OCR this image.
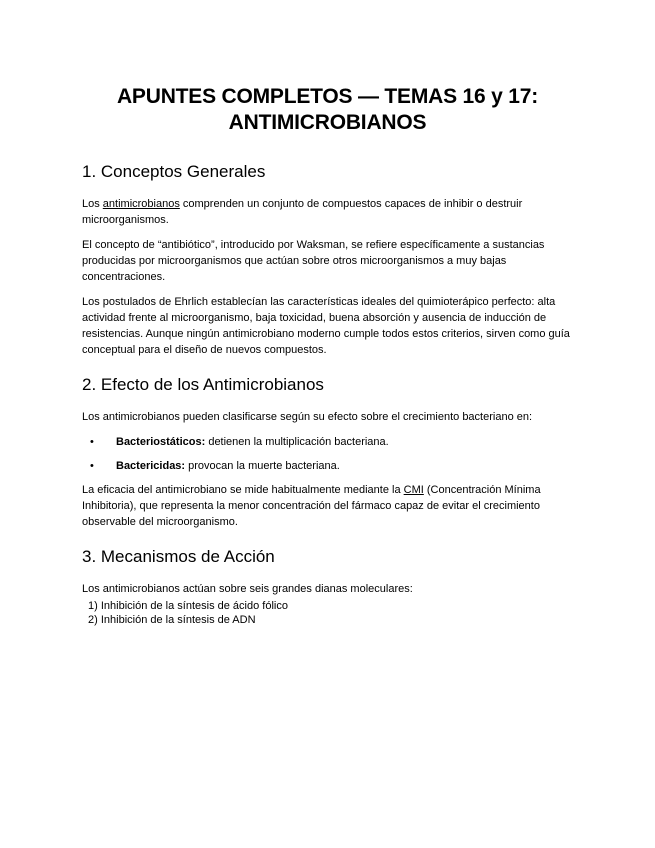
APUNTES COMPLETOS — TEMAS 16 y 17: ANTIMICROBIANOS
1. Conceptos Generales

Los antimicrobianos comprenden un conjunto de compuestos capaces de inhibir o destruir microorganismos.

El concepto de “antibiótico”, introducido por Waksman, se refiere específicamente a sustancias producidas por microorganismos que actúan sobre otros microorganismos a muy bajas concentraciones.

Los postulados de Ehrlich establecían las características ideales del quimioterápico perfecto: alta actividad frente al microorganismo, baja toxicidad, buena absorción y ausencia de inducción de resistencias. Aunque ningún antimicrobiano moderno cumple todos estos criterios, sirven como guía conceptual para el diseño de nuevos compuestos.

2. Efecto de los Antimicrobianos

Los antimicrobianos pueden clasificarse según su efecto sobre el crecimiento bacteriano en:

• Bacteriostáticos: detienen la multiplicación bacteriana.
• Bactericidas: provocan la muerte bacteriana.

La eficacia del antimicrobiano se mide habitualmente mediante la CMI (Concentración Mínima Inhibitoria), que representa la menor concentración del fármaco capaz de evitar el crecimiento observable del microorganismo.

3. Mecanismos de Acción

Los antimicrobianos actúan sobre seis grandes dianas moleculares:

1) Inhibición de la síntesis de ácido fólico
2) Inhibición de la síntesis de ADN
